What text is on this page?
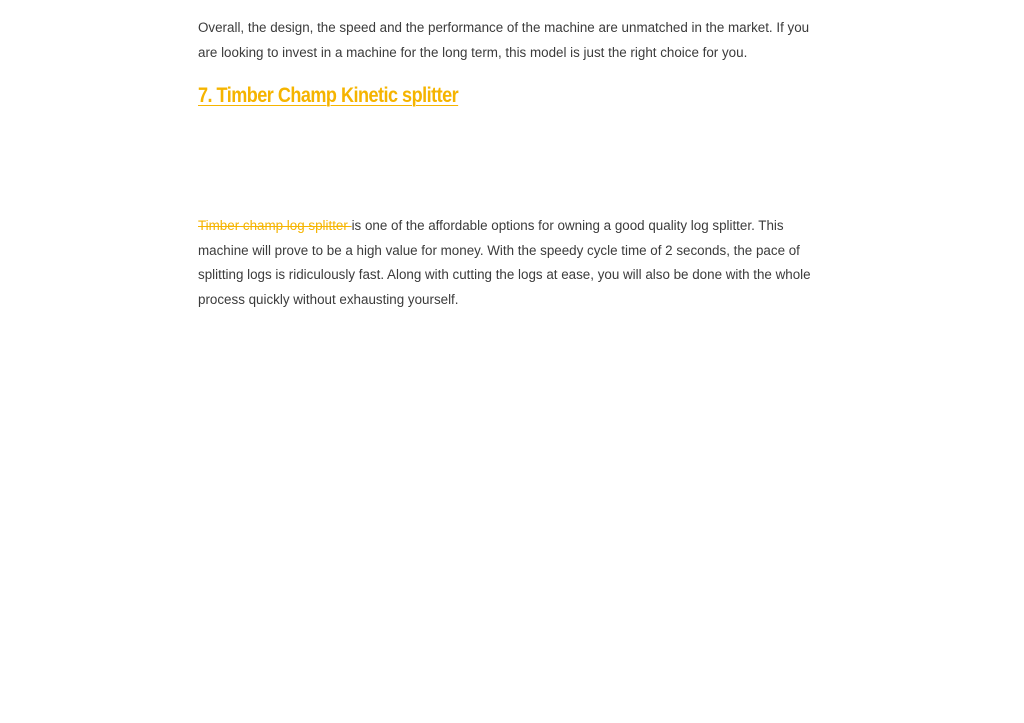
Overall, the design, the speed and the performance of the machine are unmatched in the market. If you are looking to invest in a machine for the long term, this model is just the right choice for you.

7. Timber Champ Kinetic splitter

Timber champ log splitter is one of the affordable options for owning a good quality log splitter. This machine will prove to be a high value for money. With the speedy cycle time of 2 seconds, the pace of splitting logs is ridiculously fast. Along with cutting the logs at ease, you will also be done with the whole process quickly without exhausting yourself.
